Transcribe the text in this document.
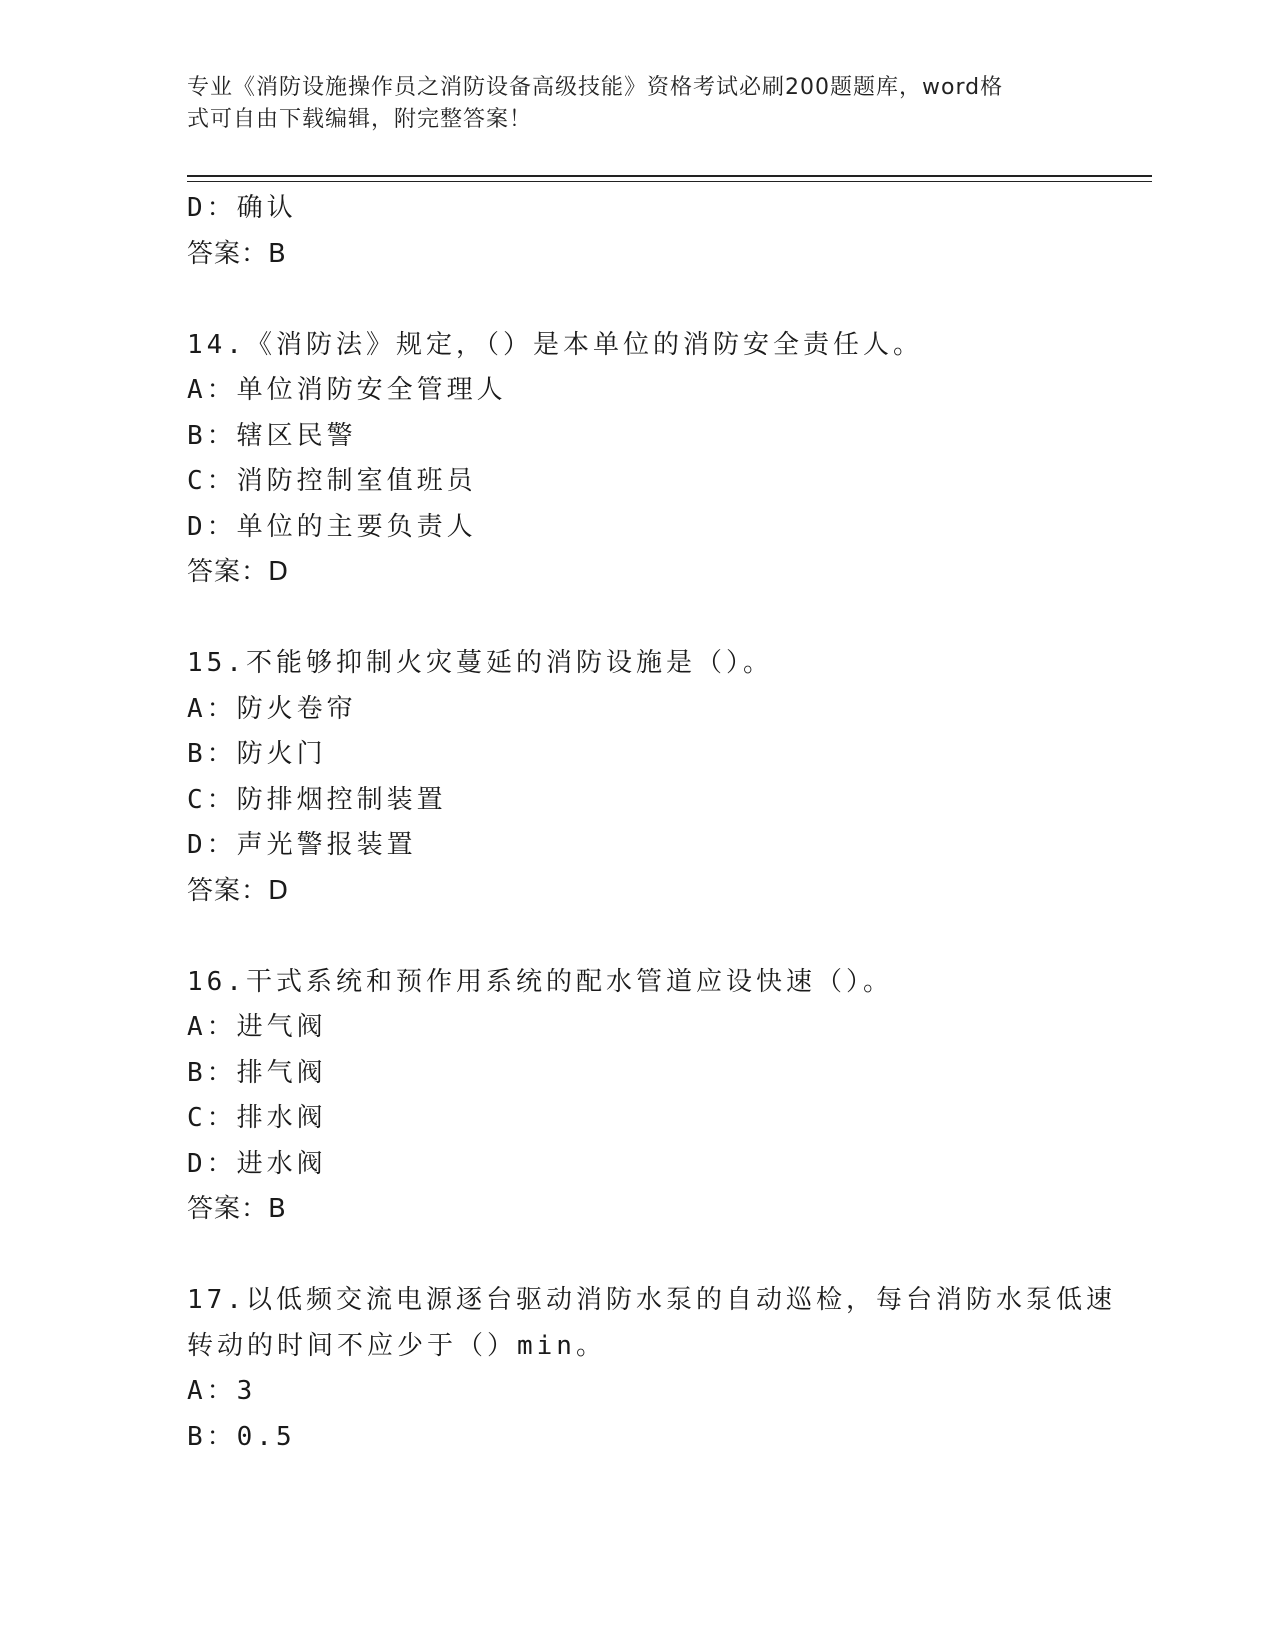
专业《消防设施操作员之消防设备高级技能》资格考试必刷200题题库，word格
式可自由下载编辑，附完整答案！
D：确认
答案：B
14.《消防法》规定，（）是本单位的消防安全责任人。
A：单位消防安全管理人
B：辖区民警
C：消防控制室值班员
D：单位的主要负责人
答案：D
15.不能够抑制火灾蔓延的消防设施是（）。
A：防火卷帘
B：防火门
C：防排烟控制装置
D：声光警报装置
答案：D
16.干式系统和预作用系统的配水管道应设快速（）。
A：进气阀
B：排气阀
C：排水阀
D：进水阀
答案：B
17.以低频交流电源逐台驱动消防水泵的自动巡检，每台消防水泵低速
转动的时间不应少于（）min。
A：3
B：0.5
